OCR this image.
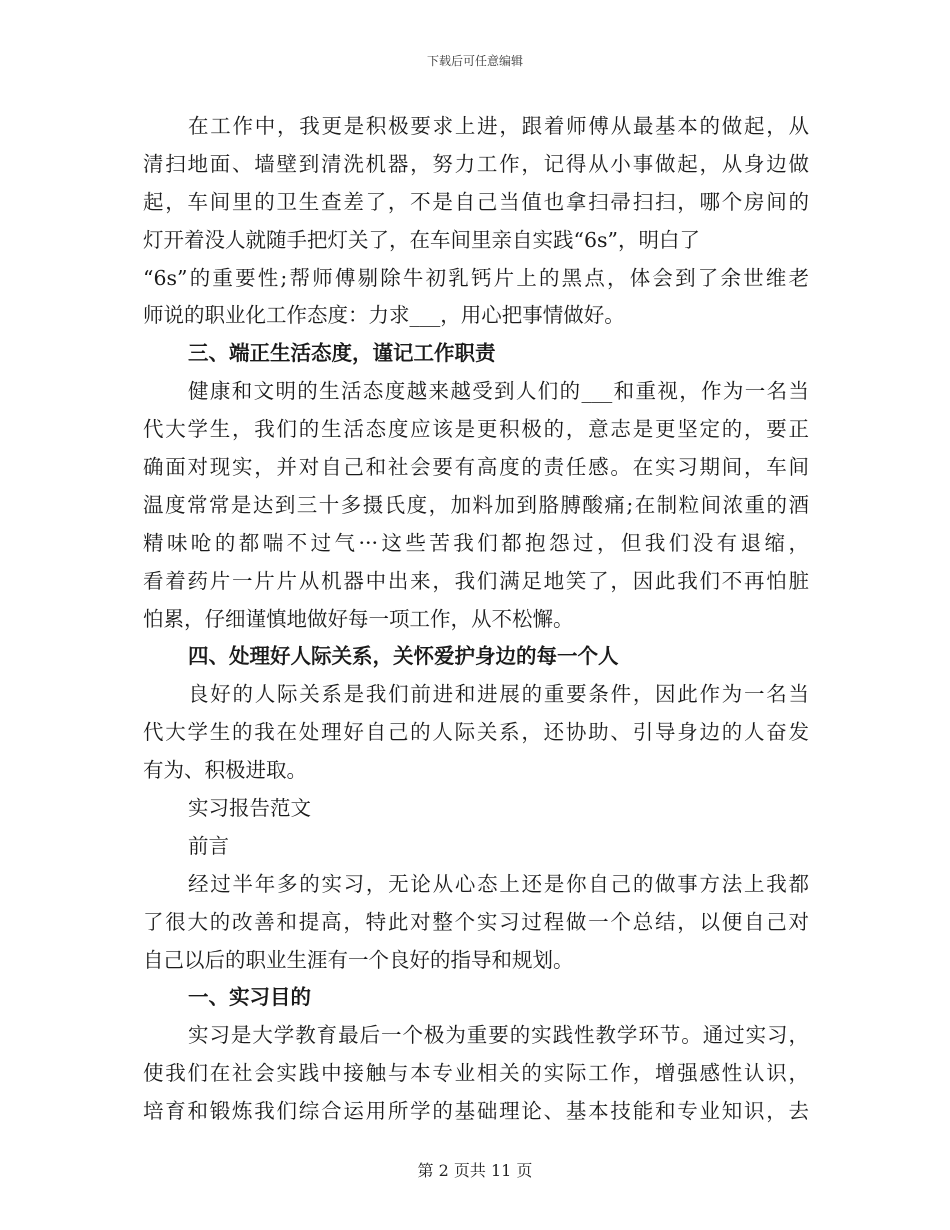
下载后可任意编辑
在工作中，我更是积极要求上进，跟着师傅从最基本的做起，从
清扫地面、墙壁到清洗机器，努力工作，记得从小事做起，从身边做
起，车间里的卫生查差了，不是自己当值也拿扫帚扫扫，哪个房间的
灯开着没人就随手把灯关了，在车间里亲自实践“6s”，明白了
“6s”的重要性;帮师傅剔除牛初乳钙片上的黑点，体会到了余世维老
师说的职业化工作态度：力求___，用心把事情做好。
三、端正生活态度，谨记工作职责
健康和文明的生活态度越来越受到人们的___和重视，作为一名当
代大学生，我们的生活态度应该是更积极的，意志是更坚定的，要正
确面对现实，并对自己和社会要有高度的责任感。在实习期间，车间
温度常常是达到三十多摄氏度，加料加到胳膊酸痛;在制粒间浓重的酒
精味呛的都喘不过气···这些苦我们都抱怨过，但我们没有退缩，
看着药片一片片从机器中出来，我们满足地笑了，因此我们不再怕脏
怕累，仔细谨慎地做好每一项工作，从不松懈。
四、处理好人际关系，关怀爱护身边的每一个人
良好的人际关系是我们前进和进展的重要条件，因此作为一名当
代大学生的我在处理好自己的人际关系，还协助、引导身边的人奋发
有为、积极进取。
实习报告范文
前言
经过半年多的实习，无论从心态上还是你自己的做事方法上我都
了很大的改善和提高，特此对整个实习过程做一个总结，以便自己对
自己以后的职业生涯有一个良好的指导和规划。
一、实习目的
实习是大学教育最后一个极为重要的实践性教学环节。通过实习，
使我们在社会实践中接触与本专业相关的实际工作，增强感性认识，
培育和锻炼我们综合运用所学的基础理论、基本技能和专业知识，去
第 2 页共 11 页
